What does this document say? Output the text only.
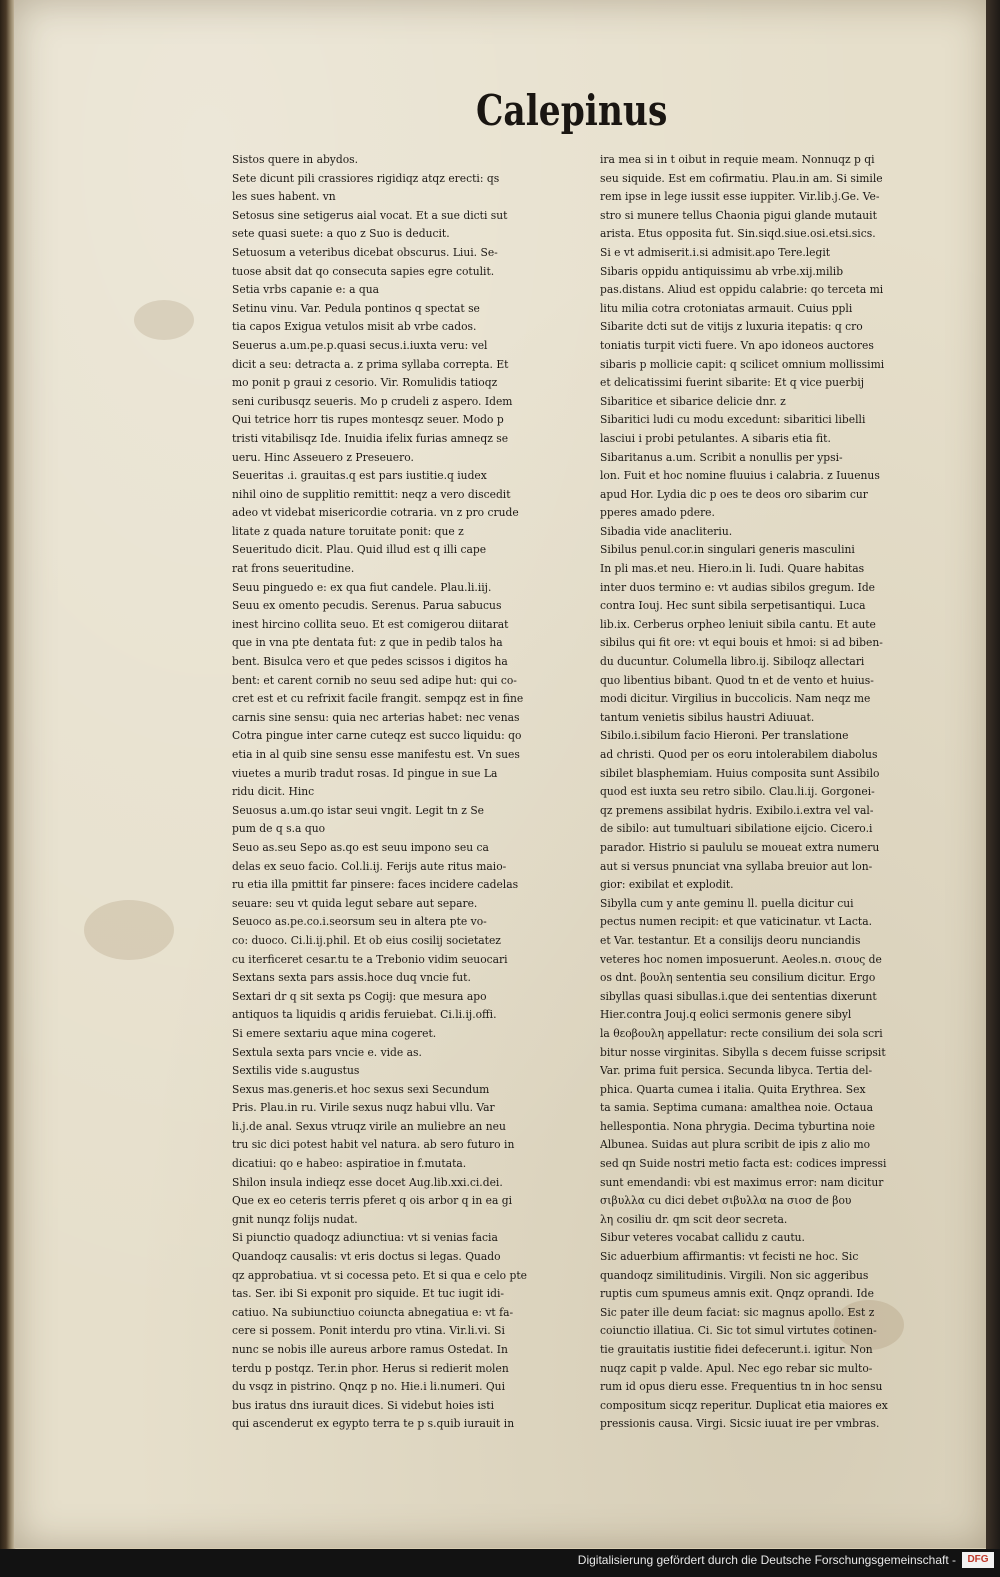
Calepinus
Sistos quere in abydos.
Sete dicunt pili crassiores rigidiqz atqz erecti: qs
les sues habent. vn
Setosus sine setigerus aial vocat. Et a sue dicti sut
sete quasi suete: a quo z Suo is deducit.
Setuosum a veteribus dicebat obscurus. Liui. Se-
tuose absit dat qo consecuta sapies egre cotulit.
Setia vrbs capanie e: a qua
Setinu vinu. Var. Pedula pontinos q spectat se
tia capos Exigua vetulos misit ab vrbe cados.
Seuerus a.um.pe.p.quasi secus.i.iuxta veru: vel
dicit a seu: detracta a. z prima syllaba correpta. Et
mo ponit p graui z cesorio. Vir. Romulidis tatioqz
seni curibusqz seueris. Mo p crudeli z aspero. Idem
Qui tetrice horr tis rupes montesqz seuer. Modo p
tristi vitabilisqz Ide. Inuidia ifelix furias amneqz se
ueru. Hinc Asseuero z Preseuero.
Seueritas .i. grauitas.q est pars iustitie.q iudex
nihil oino de supplitio remittit: neqz a vero discedit
adeo vt videbat misericordie cotraria. vn z pro crude
litate z quada nature toruitate ponit: que z
Seueritudo dicit. Plau. Quid illud est q illi cape
rat frons seueritudine.
Seuu pinguedo e: ex qua fiut candele. Plau.li.iij.
Seuu ex omento pecudis. Serenus. Parua sabucus
inest hircino collita seuo. Et est comigerou diitarat
que in vna pte dentata fut: z que in pedib talos ha
bent. Bisulca vero et que pedes scissos i digitos ha
bent: et carent cornib no seuu sed adipe hut: qui co-
cret est et cu refrixit facile frangit. sempqz est in fine
carnis sine sensu: quia nec arterias habet: nec venas
Cotra pingue inter carne cuteqz est succo liquidu: qo
etia in al quib sine sensu esse manifestu est. Vn sues
viuetes a murib tradut rosas. Id pingue in sue La
ridu dicit. Hinc
Seuosus a.um.qo istar seui vngit. Legit tn z Se
pum de q s.a quo
Seuo as.seu Sepo as.qo est seuu impono seu ca
delas ex seuo facio. Col.li.ij. Ferijs aute ritus maio-
ru etia illa pmittit far pinsere: faces incidere cadelas
seuare: seu vt quida legut sebare aut separe.
Seuoco as.pe.co.i.seorsum seu in altera pte vo-
co: duoco. Ci.li.ij.phil. Et ob eius cosilij societatez
cu iterficeret cesar.tu te a Trebonio vidim seuocari
Sextans sexta pars assis.hoce duq vncie fut.
Sextari dr q sit sexta ps Cogij: que mesura apo
antiquos ta liquidis q aridis feruiebat. Ci.li.ij.offi.
Si emere sextariu aque mina cogeret.
Sextula sexta pars vncie e. vide as.
Sextilis vide s.augustus
Sexus mas.generis.et hoc sexus sexi Secundum
Pris. Plau.in ru. Virile sexus nuqz habui vllu. Var
li.j.de anal. Sexus vtruqz virile an muliebre an neu
tru sic dici potest habit vel natura. ab sero futuro in
dicatiui: qo e habeo: aspiratioe in f.mutata.
Shilon insula indieqz esse docet Aug.lib.xxi.ci.dei.
Que ex eo ceteris terris pferet q ois arbor q in ea gi
gnit nunqz folijs nudat.
Si piunctio quadoqz adiunctiua: vt si venias facia
Quandoqz causalis: vt eris doctus si legas. Quado
qz approbatiua. vt si cocessa peto. Et si qua e celo pte
tas. Ser. ibi Si exponit pro siquide. Et tuc iugit idi-
catiuo. Na subiunctiuo coiuncta abnegatiua e: vt fa-
cere si possem. Ponit interdu pro vtina. Vir.li.vi. Si
nunc se nobis ille aureus arbore ramus Ostedat. In
terdu p postqz. Ter.in phor. Herus si redierit molen
du vsqz in pistrino. Qnqz p no. Hie.i li.numeri. Qui
bus iratus dns iurauit dices. Si videbut hoies isti
qui ascenderut ex egypto terra te p s.quib iurauit in
ira mea si in t oibut in requie meam. Nonnuqz p qi
seu siquide. Est em cofirmatiu. Plau.in am. Si simile
rem ipse in lege iussit esse iuppiter. Vir.lib.j.Ge. Ve-
stro si munere tellus Chaonia pigui glande mutauit
arista. Etus opposita fut. Sin.siqd.siue.osi.etsi.sics.
Si e vt admiserit.i.si admisit.apo Tere.legit
Sibaris oppidu antiquissimu ab vrbe.xij.milib
pas.distans. Aliud est oppidu calabrie: qo terceta mi
litu milia cotra crotoniatas armauit. Cuius ppli
Sibarite dcti sut de vitijs z luxuria itepatis: q cro
toniatis turpit victi fuere. Vn apo idoneos auctores
sibaris p mollicie capit: q scilicet omnium mollissimi
et delicatissimi fuerint sibarite: Et q vice puerbij
Sibaritice et sibarice delicie dnr. z
Sibaritici ludi cu modu excedunt: sibaritici libelli
lasciui i probi petulantes. A sibaris etia fit.
Sibaritanus a.um. Scribit a nonullis per ypsi-
lon. Fuit et hoc nomine fluuius i calabria. z Iuuenus
apud Hor. Lydia dic p oes te deos oro sibarim cur
pperes amado pdere.
Sibadia vide anacliteriu.
Sibilus penul.cor.in singulari generis masculini
In pli mas.et neu. Hiero.in li. Iudi. Quare habitas
inter duos termino e: vt audias sibilos gregum. Ide
contra Iouj. Hec sunt sibila serpetisantiqui. Luca
lib.ix. Cerberus orpheo leniuit sibila cantu. Et aute
sibilus qui fit ore: vt equi bouis et hmoi: si ad biben-
du ducuntur. Columella libro.ij. Sibiloqz allectari
quo libentius bibant. Quod tn et de vento et huius-
modi dicitur. Virgilius in buccolicis. Nam neqz me
tantum venietis sibilus haustri Adiuuat.
Sibilo.i.sibilum facio Hieroni. Per translatione
ad christi. Quod per os eoru intolerabilem diabolus
sibilet blasphemiam. Huius composita sunt Assibilo
quod est iuxta seu retro sibilo. Clau.li.ij. Gorgonei-
qz premens assibilat hydris. Exibilo.i.extra vel val-
de sibilo: aut tumultuari sibilatione eijcio. Cicero.i
parador. Histrio si paululu se moueat extra numeru
aut si versus pnunciat vna syllaba breuior aut lon-
gior: exibilat et explodit.
Sibylla cum y ante geminu ll. puella dicitur cui
pectus numen recipit: et que vaticinatur. vt Lacta.
et Var. testantur. Et a consilijs deoru nunciandis
veteres hoc nomen imposuerunt. Aeoles.n. σιους de
os dnt. βουλη sententia seu consilium dicitur. Ergo
sibyllas quasi sibullas.i.que dei sententias dixerunt
Hier.contra Jouj.q eolici sermonis genere sibyl
la θεοβουλη appellatur: recte consilium dei sola scri
bitur nosse virginitas. Sibylla s decem fuisse scripsit
Var. prima fuit persica. Secunda libyca. Tertia del-
phica. Quarta cumea i italia. Quita Erythrea. Sex
ta samia. Septima cumana: amalthea noie. Octaua
hellespontia. Nona phrygia. Decima tyburtina noie
Albunea. Suidas aut plura scribit de ipis z alio mo
sed qn Suide nostri metio facta est: codices impressi
sunt emendandi: vbi est maximus error: nam dicitur
σιβυλλα cu dici debet σιβυλλα na σιοσ de βου
λη cosiliu dr. qm scit deor secreta.
Sibur veteres vocabat callidu z cautu.
Sic aduerbium affirmantis: vt fecisti ne hoc. Sic
quandoqz similitudinis. Virgili. Non sic aggeribus
ruptis cum spumeus amnis exit. Qnqz oprandi. Ide
Sic pater ille deum faciat: sic magnus apollo. Est z
coiunctio illatiua. Ci. Sic tot simul virtutes cotinen-
tie grauitatis iustitie fidei defecerunt.i. igitur. Non
nuqz capit p valde. Apul. Nec ego rebar sic multo-
rum id opus dieru esse. Frequentius tn in hoc sensu
compositum sicqz reperitur. Duplicat etia maiores ex
pressionis causa. Virgi. Sicsic iuuat ire per vmbras.
Digitalisierung gefördert durch die Deutsche Forschungsgemeinschaft -	DFG
